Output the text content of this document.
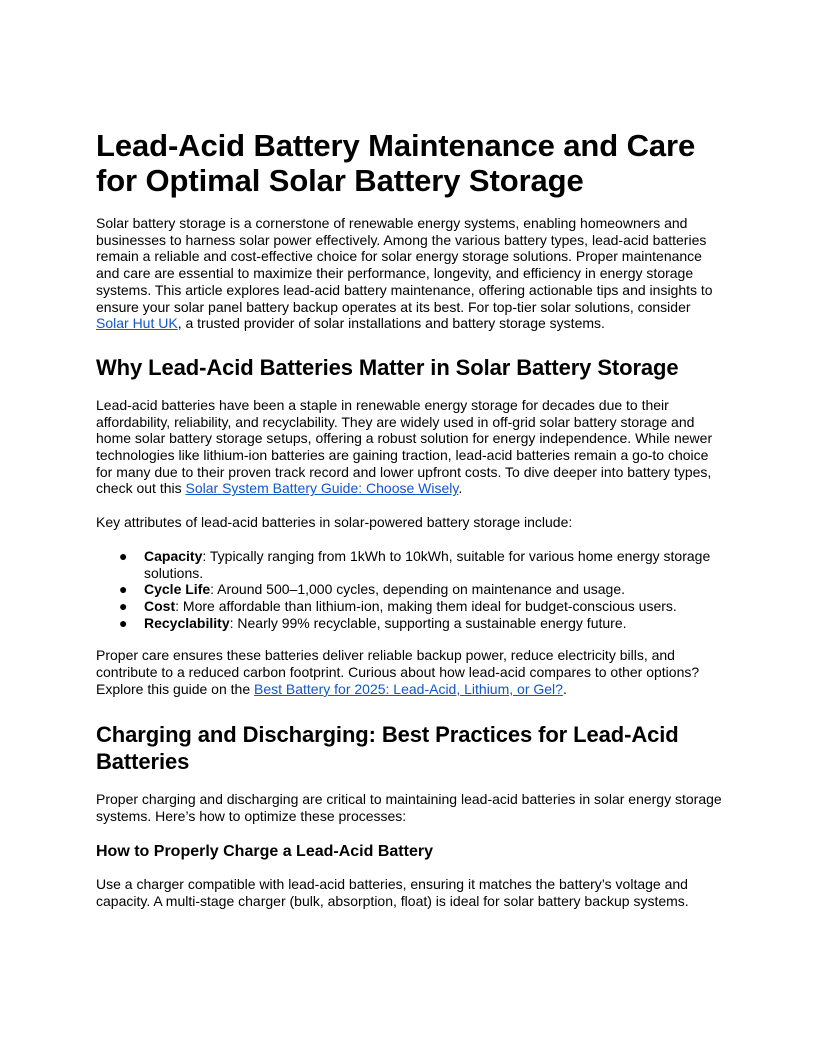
Lead-Acid Battery Maintenance and Care for Optimal Solar Battery Storage

Solar battery storage is a cornerstone of renewable energy systems, enabling homeowners and businesses to harness solar power effectively. Among the various battery types, lead-acid batteries remain a reliable and cost-effective choice for solar energy storage solutions. Proper maintenance and care are essential to maximize their performance, longevity, and efficiency in energy storage systems. This article explores lead-acid battery maintenance, offering actionable tips and insights to ensure your solar panel battery backup operates at its best. For top-tier solar solutions, consider Solar Hut UK, a trusted provider of solar installations and battery storage systems.

Why Lead-Acid Batteries Matter in Solar Battery Storage

Lead-acid batteries have been a staple in renewable energy storage for decades due to their affordability, reliability, and recyclability. They are widely used in off-grid solar battery storage and home solar battery storage setups, offering a robust solution for energy independence. While newer technologies like lithium-ion batteries are gaining traction, lead-acid batteries remain a go-to choice for many due to their proven track record and lower upfront costs. To dive deeper into battery types, check out this Solar System Battery Guide: Choose Wisely.

Key attributes of lead-acid batteries in solar-powered battery storage include:

● Capacity: Typically ranging from 1kWh to 10kWh, suitable for various home energy storage solutions.
● Cycle Life: Around 500–1,000 cycles, depending on maintenance and usage.
● Cost: More affordable than lithium-ion, making them ideal for budget-conscious users.
● Recyclability: Nearly 99% recyclable, supporting a sustainable energy future.

Proper care ensures these batteries deliver reliable backup power, reduce electricity bills, and contribute to a reduced carbon footprint. Curious about how lead-acid compares to other options? Explore this guide on the Best Battery for 2025: Lead-Acid, Lithium, or Gel?.

Charging and Discharging: Best Practices for Lead-Acid Batteries

Proper charging and discharging are critical to maintaining lead-acid batteries in solar energy storage systems. Here’s how to optimize these processes:

How to Properly Charge a Lead-Acid Battery

Use a charger compatible with lead-acid batteries, ensuring it matches the battery’s voltage and capacity. A multi-stage charger (bulk, absorption, float) is ideal for solar battery backup systems.
